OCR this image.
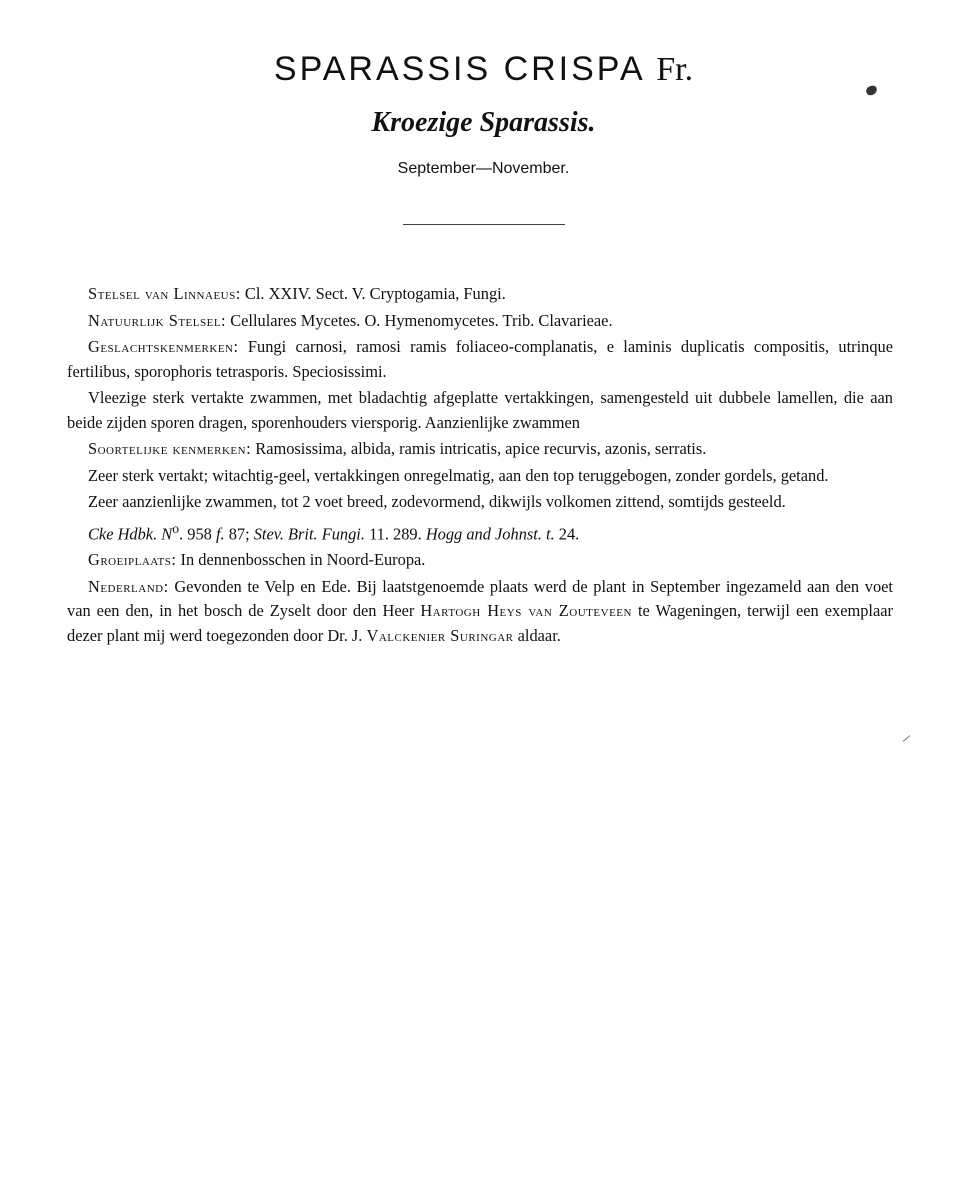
SPARASSIS CRISPA Fr.
Kroezige Sparassis.
September—November.

Stelsel van Linnaeus: Cl. XXIV. Sect. V. Cryptogamia, Fungi.

Natuurlijk Stelsel: Cellulares Mycetes. O. Hymenomycetes. Trib. Clavarieae.

Geslachtskenmerken: Fungi carnosi, ramosi ramis foliaceo-complanatis, e laminis duplicatis compositis, utrinque fertilibus, sporophoris tetrasporis. Speciosissimi.

Vleezige sterk vertakte zwammen, met bladachtig afgeplatte vertakkingen, samengesteld uit dubbele lamellen, die aan beide zijden sporen dragen, sporenhouders viersporig. Aanzienlijke zwammen

Soortelijke kenmerken: Ramosissima, albida, ramis intricatis, apice recurvis, azonis, serratis.

Zeer sterk vertakt; witachtig-geel, vertakkingen onregelmatig, aan den top teruggebogen, zonder gordels, getand.

Zeer aanzienlijke zwammen, tot 2 voet breed, zodevormend, dikwijls volkomen zittend, somtijds gesteeld.

Cke Hdbk. $N^o$. 958 f. 87; Stev. Brit. Fungi. 11. 289. Hogg and Johnst. t. 24.

Groeiplaats: In dennenbosschen in Noord-Europa.

Nederland: Gevonden te Velp en Ede. Bij laatstgenoemde plaats werd de plant in September ingezameld aan den voet van een den, in het bosch de Zyselt door den Heer Hartogh Heys van Zouteveen te Wageningen, terwijl een exemplaar dezer plant mij werd toegezonden door Dr. J. Valckenier Suringar aldaar.
